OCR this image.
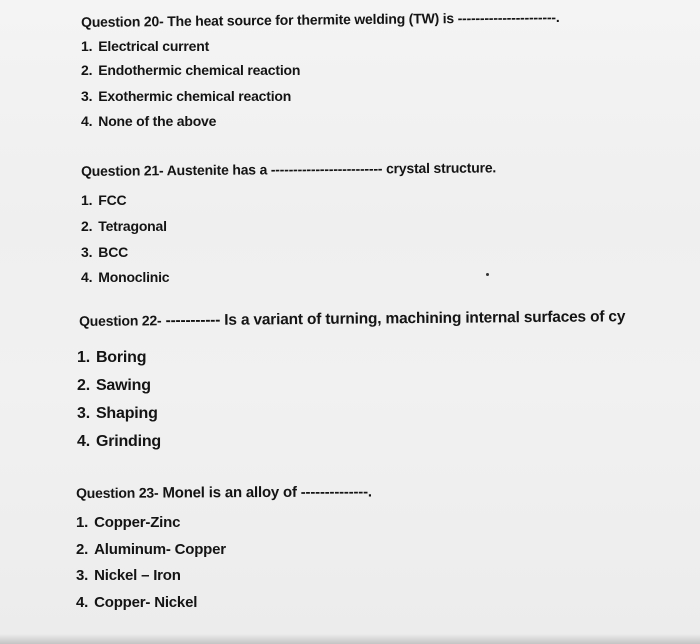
Question 20- The heat source for thermite welding (TW) is ----------------------.
1. Electrical current
2. Endothermic chemical reaction
3. Exothermic chemical reaction
4. None of the above
Question 21- Austenite has a ------------------------- crystal structure.
1. FCC
2. Tetragonal
3. BCC
4. Monoclinic
Question 22- ----------- Is a variant of turning, machining internal surfaces of cy
1. Boring
2. Sawing
3. Shaping
4. Grinding
Question 23- Monel is an alloy of --------------.
1. Copper-Zinc
2. Aluminum- Copper
3. Nickel – Iron
4. Copper- Nickel
